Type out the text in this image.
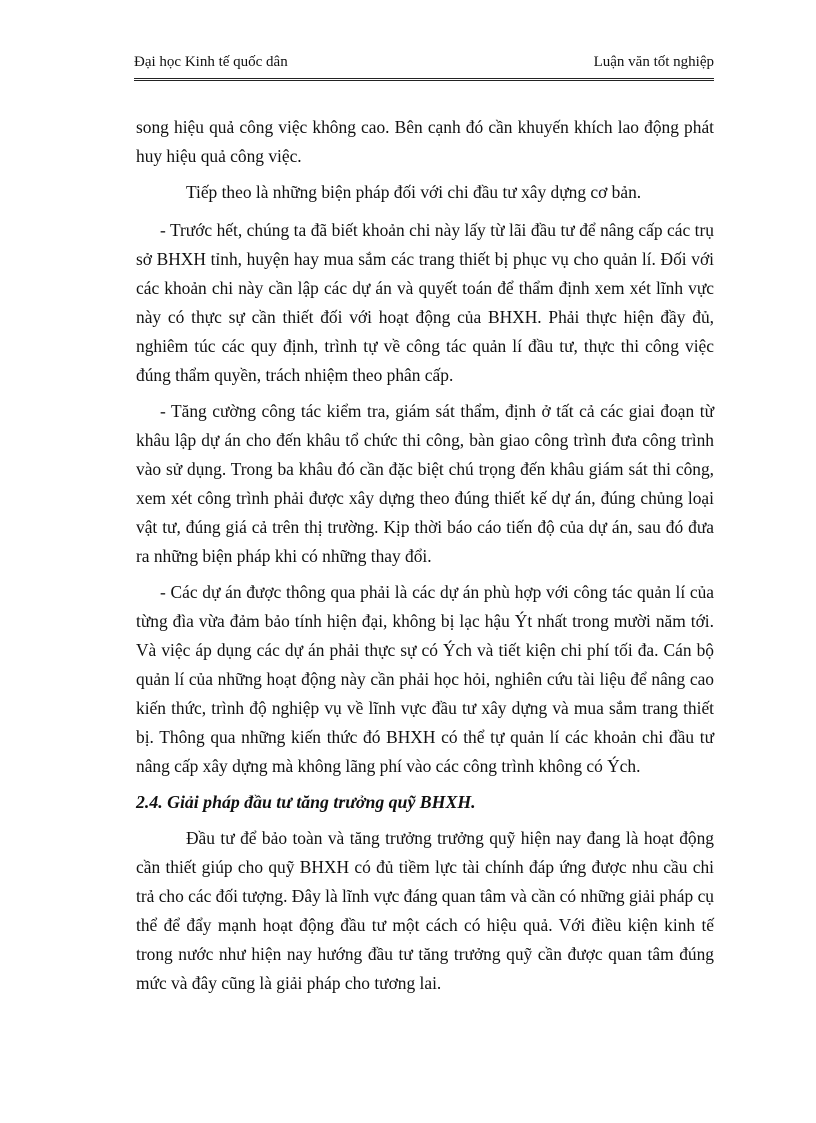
Đại học Kinh tế quốc dân	Luận văn tốt nghiệp

song hiệu quả công việc không cao. Bên cạnh đó cần khuyến khích lao động phát huy hiệu quả công việc.

Tiếp theo là những biện pháp đối với chi đầu tư xây dựng cơ bản.

- Trước hết, chúng ta đã biết khoản chi này lấy từ lãi đầu tư để nâng cấp các trụ sở BHXH tỉnh, huyện hay mua sắm các trang thiết bị phục vụ cho quản lí. Đối với các khoản chi này cần lập các dự án và quyết toán để thẩm định xem xét lĩnh vực này có thực sự cần thiết đối với hoạt động của BHXH. Phải thực hiện đầy đủ, nghiêm túc các quy định, trình tự về công tác quản lí đầu tư, thực thi công việc đúng thẩm quyền, trách nhiệm theo phân cấp.

- Tăng cường công tác kiểm tra, giám sát thẩm, định ở tất cả các giai đoạn từ khâu lập dự án cho đến khâu tổ chức thi công, bàn giao công trình đưa công trình vào sử dụng. Trong ba khâu đó cần đặc biệt chú trọng đến khâu giám sát thi công, xem xét công trình phải được xây dựng theo đúng thiết kế dự án, đúng chủng loại vật tư, đúng giá cả trên thị trường. Kịp thời báo cáo tiến độ của dự án, sau đó đưa ra những biện pháp khi có những thay đổi.

- Các dự án được thông qua phải là các dự án phù hợp với công tác quản lí của từng đìa vừa đảm bảo tính hiện đại, không bị lạc hậu Ýt nhất trong mười năm tới. Và việc áp dụng các dự án phải thực sự có Ých và tiết kiện chi phí tối đa. Cán bộ quản lí của những hoạt động này cần phải học hỏi, nghiên cứu tài liệu để nâng cao kiến thức, trình độ nghiệp vụ về lĩnh vực đầu tư xây dựng và mua sắm trang thiết bị. Thông qua những kiến thức đó BHXH có thể tự quản lí các khoản chi đầu tư nâng cấp xây dựng mà không lãng phí vào các công trình không có Ých.

2.4. Giải pháp đầu tư tăng trưởng quỹ BHXH.

Đầu tư để bảo toàn và tăng trưởng trưởng quỹ hiện nay đang là hoạt động cần thiết giúp cho quỹ BHXH có đủ tiềm lực tài chính đáp ứng được nhu cầu chi trả cho các đối tượng. Đây là lĩnh vực đáng quan tâm và cần có những giải pháp cụ thể để đẩy mạnh hoạt động đầu tư một cách có hiệu quả. Với điều kiện kinh tế trong nước như hiện nay hướng đầu tư tăng trưởng quỹ cần được quan tâm đúng mức và đây cũng là giải pháp cho tương lai.
